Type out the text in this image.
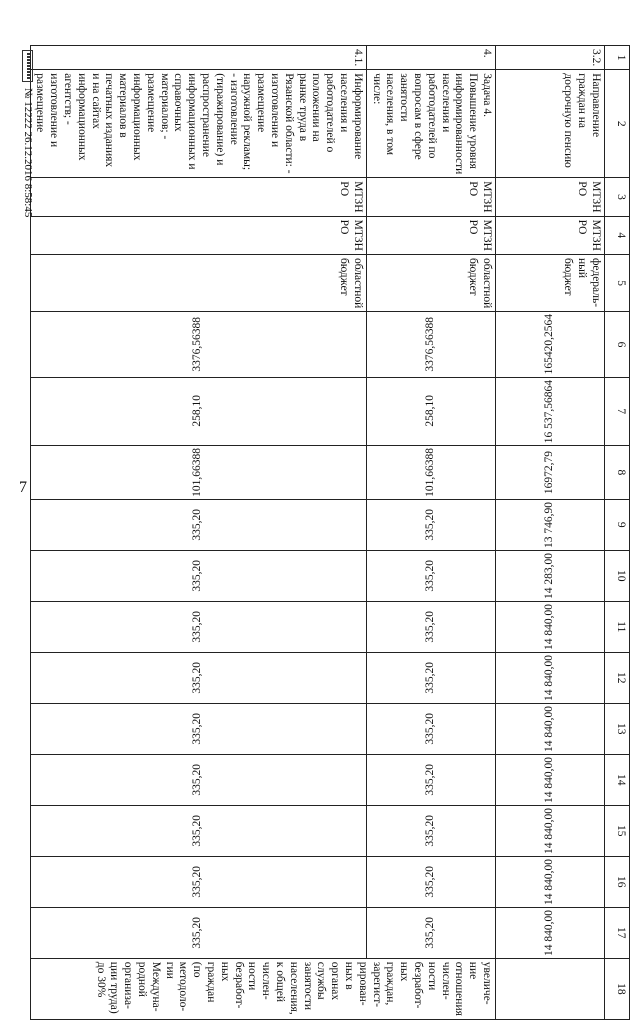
1	2	3	4	5	6	7	8	9	10	11	12	13	14	15	16	17	18
3.2.	Направление граждан на досрочную пенсию	МТЗН РО	МТЗН РО	федераль-ный бюджет	165420,2564	16 537,56864	16972,79	13 746,90	14 283,00	14 840,00	14 840,00	14 840,00	14 840,00	14 840,00	14 840,00	14 840,00	
4.	Задача 4. Повышение уровня информированности населения и работодателей по вопросам в сфере занятости населения, в том числе:	МТЗН РО	МТЗН РО	областной бюджет	3376,56388	258,10	101,66388	335,20	335,20	335,20	335,20	335,20	335,20	335,20	335,20	335,20	увеличе-ние отношения числен-ности безработ-ных граждан, зарегист-рирован-ных в органах службы занятости населения, к общей числен-ности безработ-ных граждан (по методоло-гии Междуна-родной организа-ции труда) до 30%
4.1.	Информирование населения и работодателей о положении на рынке труда в Рязанской области: - изготовление и размещение наружной рекламы; - изготовление (тиражирование) и распространение информационных и справочных материалов; - размещение информационных материалов в печатных изданиях и на сайтах информационных агентств; - изготовление и размещение	МТЗН РО	МТЗН РО	областной бюджет	3376,56388	258,10	101,66388	335,20	335,20	335,20	335,20	335,20	335,20	335,20	335,20	335,20	
7
№ 12222 26.12.2016 8:58:45
